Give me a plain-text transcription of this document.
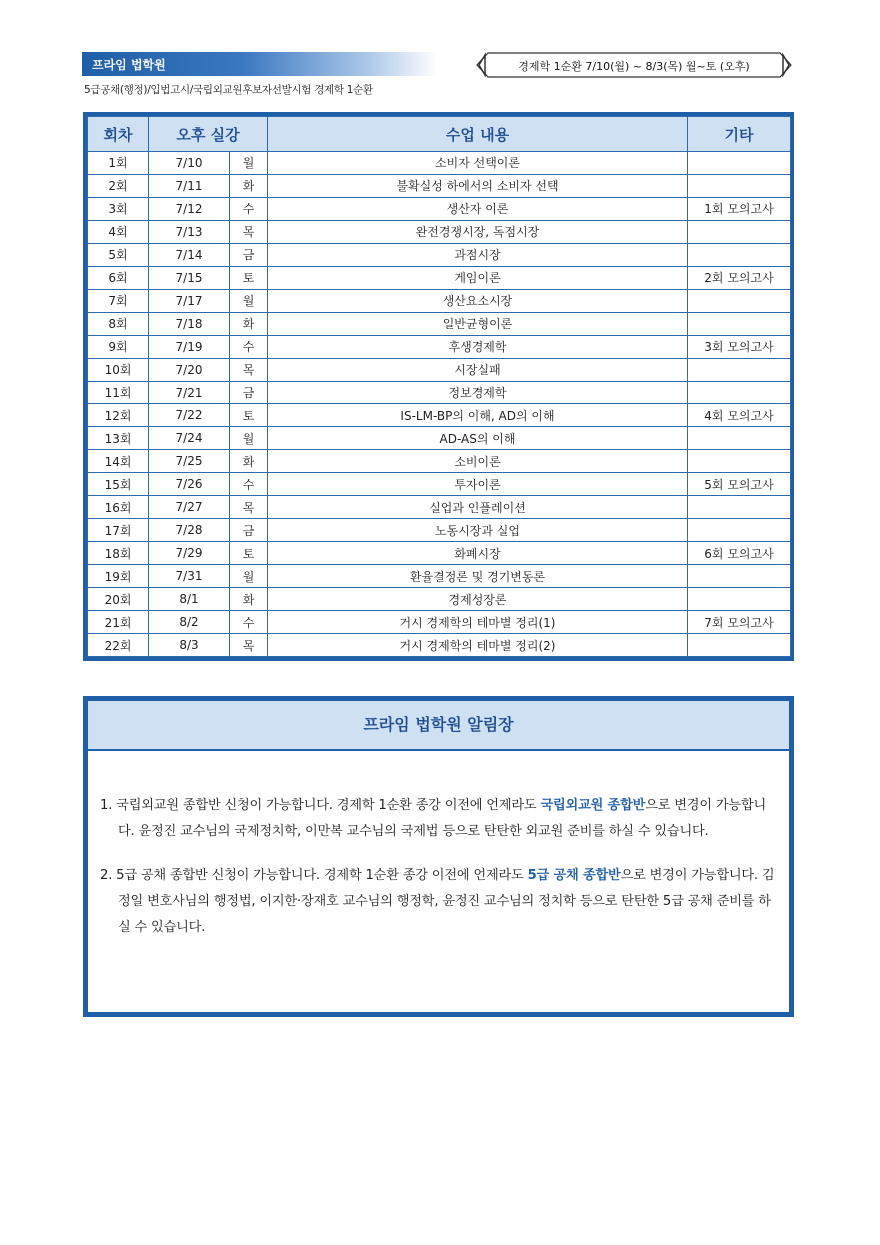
프라임 법학원
5급공채(행정)/입법고시/국립외교원후보자선발시험 경제학 1순환
경제학 1순환 7/10(월) ~ 8/3(목) 월~토 (오후)
회차	오후 실강		수업 내용	기타
1회	7/10	월	소비자 선택이론	
2회	7/11	화	불확실성 하에서의 소비자 선택	
3회	7/12	수	생산자 이론	1회 모의고사
4회	7/13	목	완전경쟁시장, 독점시장	
5회	7/14	금	과점시장	
6회	7/15	토	게임이론	2회 모의고사
7회	7/17	월	생산요소시장	
8회	7/18	화	일반균형이론	
9회	7/19	수	후생경제학	3회 모의고사
10회	7/20	목	시장실패	
11회	7/21	금	정보경제학	
12회	7/22	토	IS-LM-BP의 이해, AD의 이해	4회 모의고사
13회	7/24	월	AD-AS의 이해	
14회	7/25	화	소비이론	
15회	7/26	수	투자이론	5회 모의고사
16회	7/27	목	실업과 인플레이션	
17회	7/28	금	노동시장과 실업	
18회	7/29	토	화폐시장	6회 모의고사
19회	7/31	월	환율결정론 및 경기변동론	
20회	8/1	화	경제성장론	
21회	8/2	수	거시 경제학의 테마별 정리(1)	7회 모의고사
22회	8/3	목	거시 경제학의 테마별 정리(2)	
프라임 법학원 알림장
1. 국립외교원 종합반 신청이 가능합니다. 경제학 1순환 종강 이전에 언제라도 국립외교원 종합반으로 변경이 가능합니다. 윤정진 교수님의 국제정치학, 이만복 교수님의 국제법 등으로 탄탄한 외교원 준비를 하실 수 있습니다.
2. 5급 공채 종합반 신청이 가능합니다. 경제학 1순환 종강 이전에 언제라도 5급 공채 종합반으로 변경이 가능합니다. 김정일 변호사님의 행정법, 이지한·장재호 교수님의 행정학, 윤정진 교수님의 정치학 등으로 탄탄한 5급 공채 준비를 하실 수 있습니다.
